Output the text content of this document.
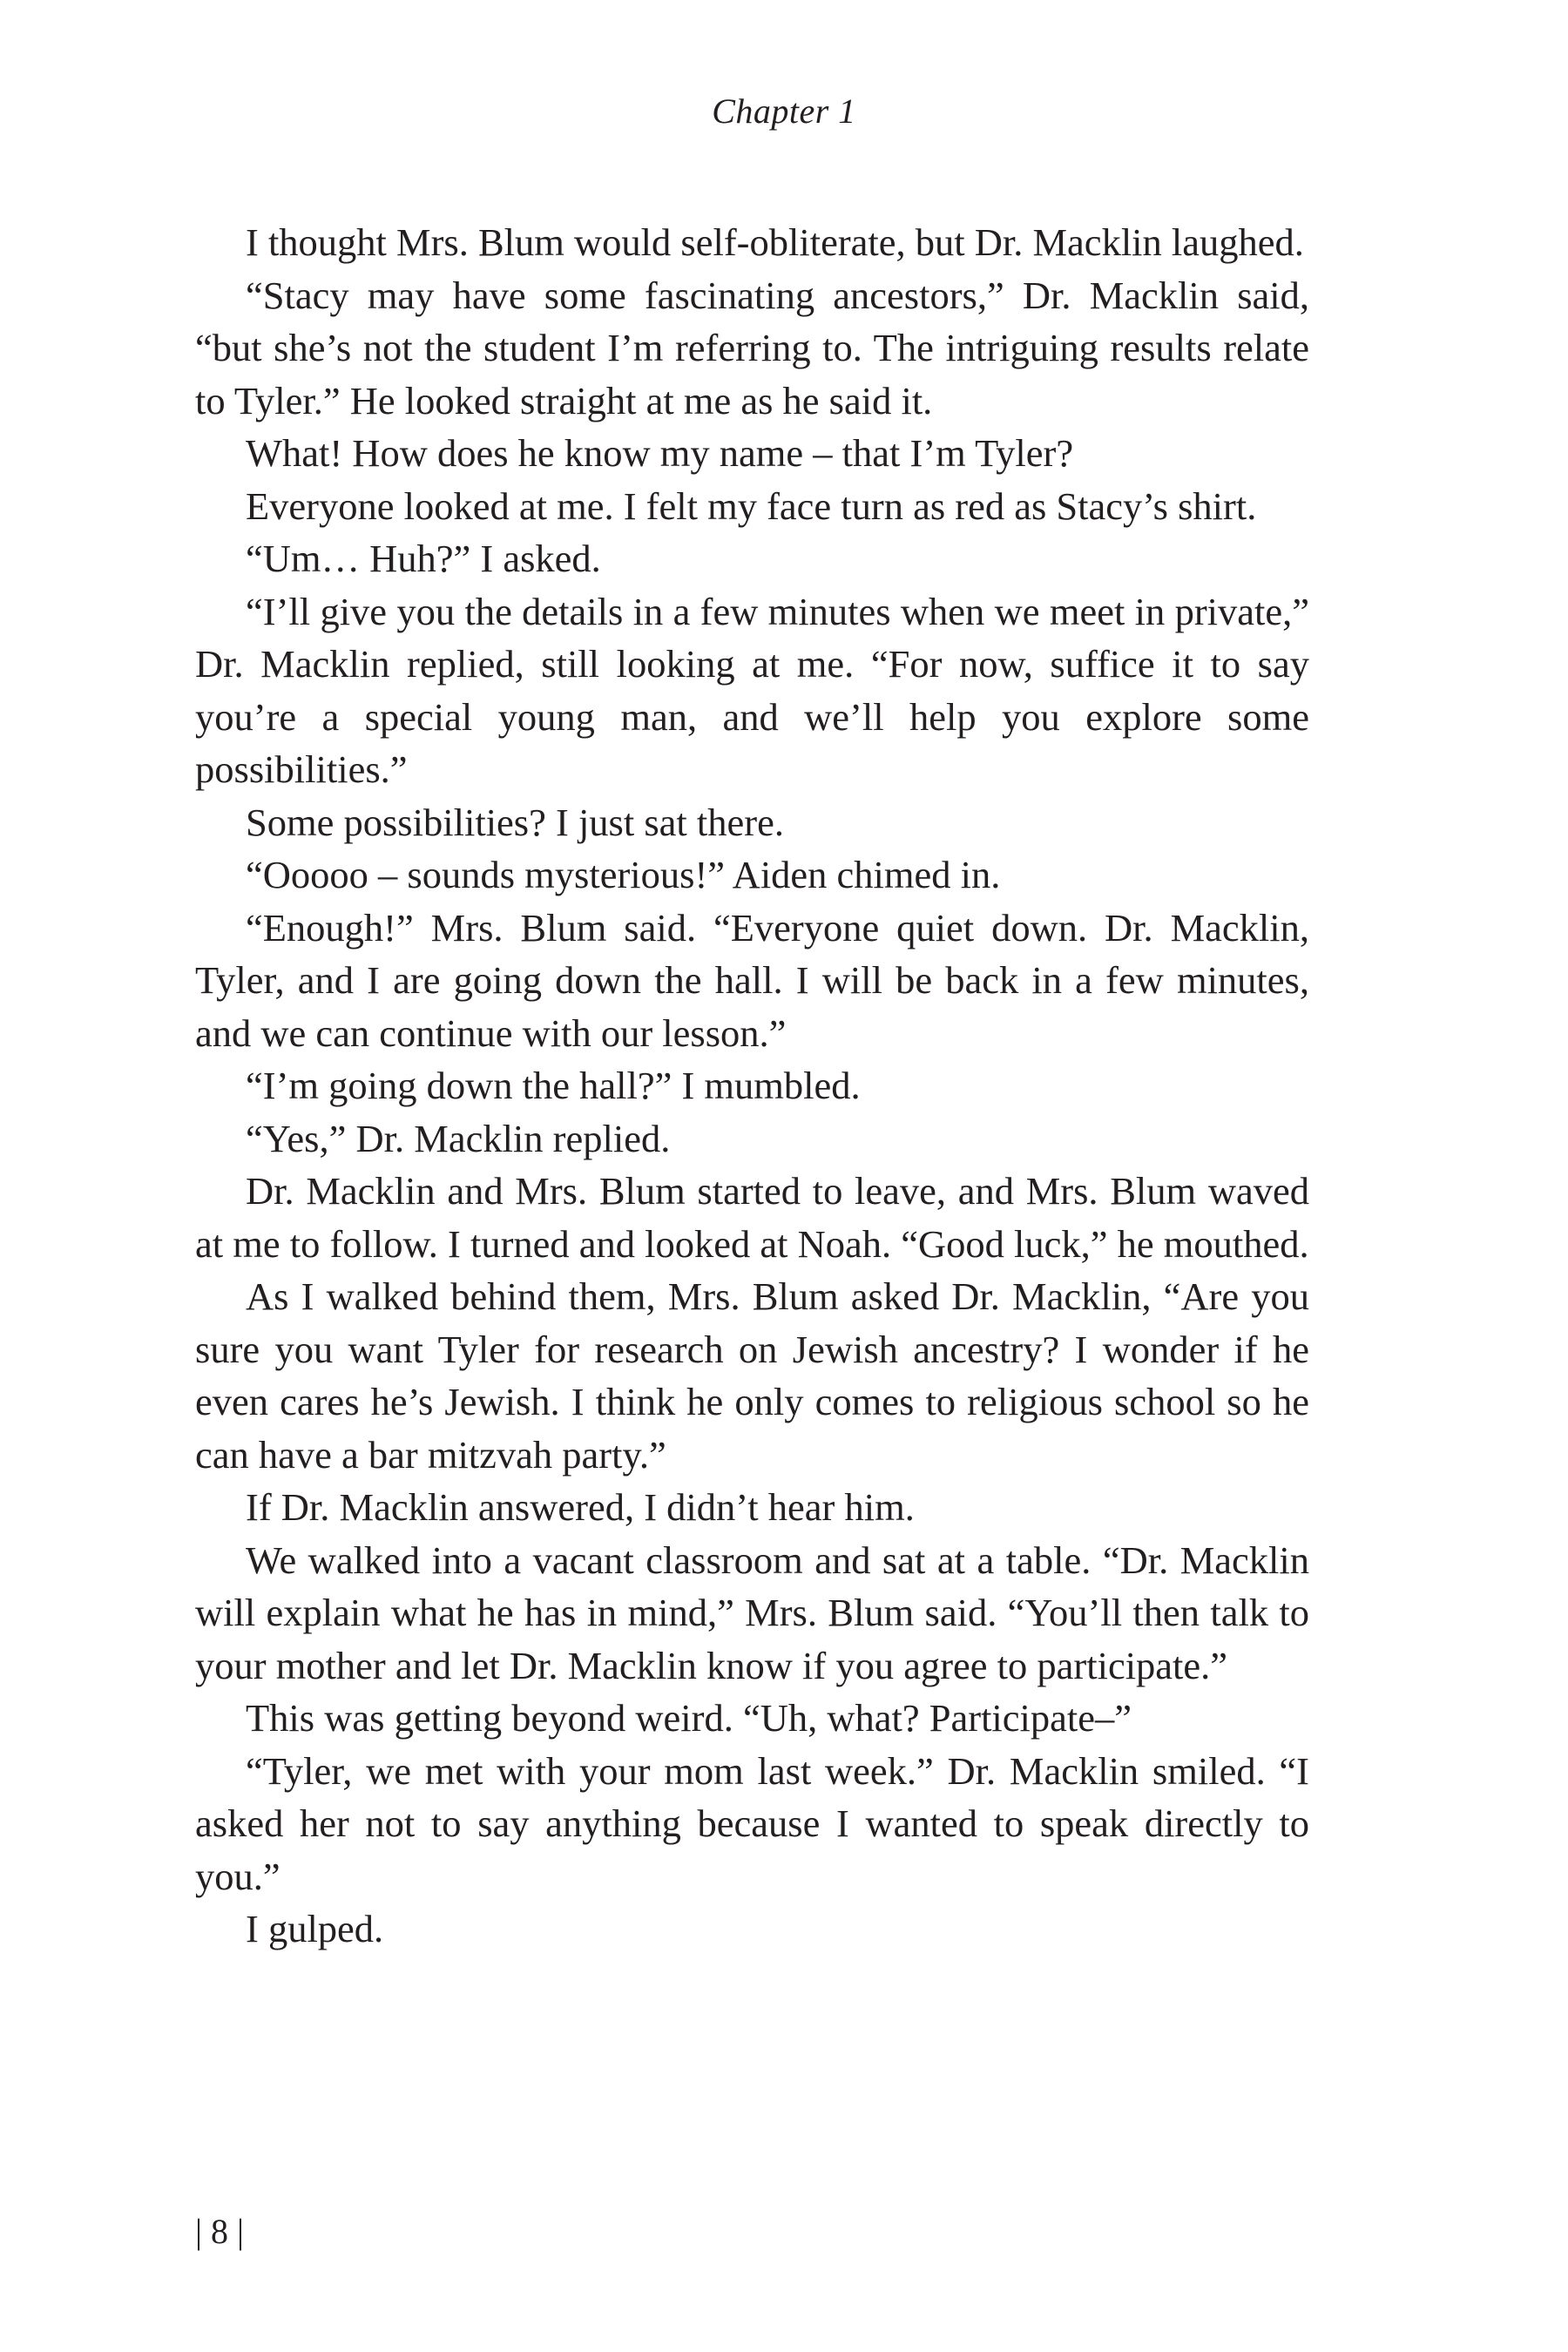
Chapter 1

I thought Mrs. Blum would self-obliterate, but Dr. Macklin laughed.

“Stacy may have some fascinating ancestors,” Dr. Macklin said, “but she’s not the student I’m referring to. The intriguing results relate to Tyler.” He looked straight at me as he said it.

What! How does he know my name – that I’m Tyler?

Everyone looked at me. I felt my face turn as red as Stacy’s shirt.

“Um… Huh?” I asked.

“I’ll give you the details in a few minutes when we meet in private,” Dr. Macklin replied, still looking at me. “For now, suffice it to say you’re a special young man, and we’ll help you explore some possibilities.”

Some possibilities? I just sat there.

“Ooooo – sounds mysterious!” Aiden chimed in.

“Enough!” Mrs. Blum said. “Everyone quiet down. Dr. Macklin, Tyler, and I are going down the hall. I will be back in a few minutes, and we can continue with our lesson.”

“I’m going down the hall?” I mumbled.

“Yes,” Dr. Macklin replied.

Dr. Macklin and Mrs. Blum started to leave, and Mrs. Blum waved at me to follow. I turned and looked at Noah. “Good luck,” he mouthed.

As I walked behind them, Mrs. Blum asked Dr. Macklin, “Are you sure you want Tyler for research on Jewish ancestry? I wonder if he even cares he’s Jewish. I think he only comes to religious school so he can have a bar mitzvah party.”

If Dr. Macklin answered, I didn’t hear him.

We walked into a vacant classroom and sat at a table. “Dr. Macklin will explain what he has in mind,” Mrs. Blum said. “You’ll then talk to your mother and let Dr. Macklin know if you agree to participate.”

This was getting beyond weird. “Uh, what? Participate–”

“Tyler, we met with your mom last week.” Dr. Macklin smiled. “I asked her not to say anything because I wanted to speak directly to you.”

I gulped.

| 8 |
